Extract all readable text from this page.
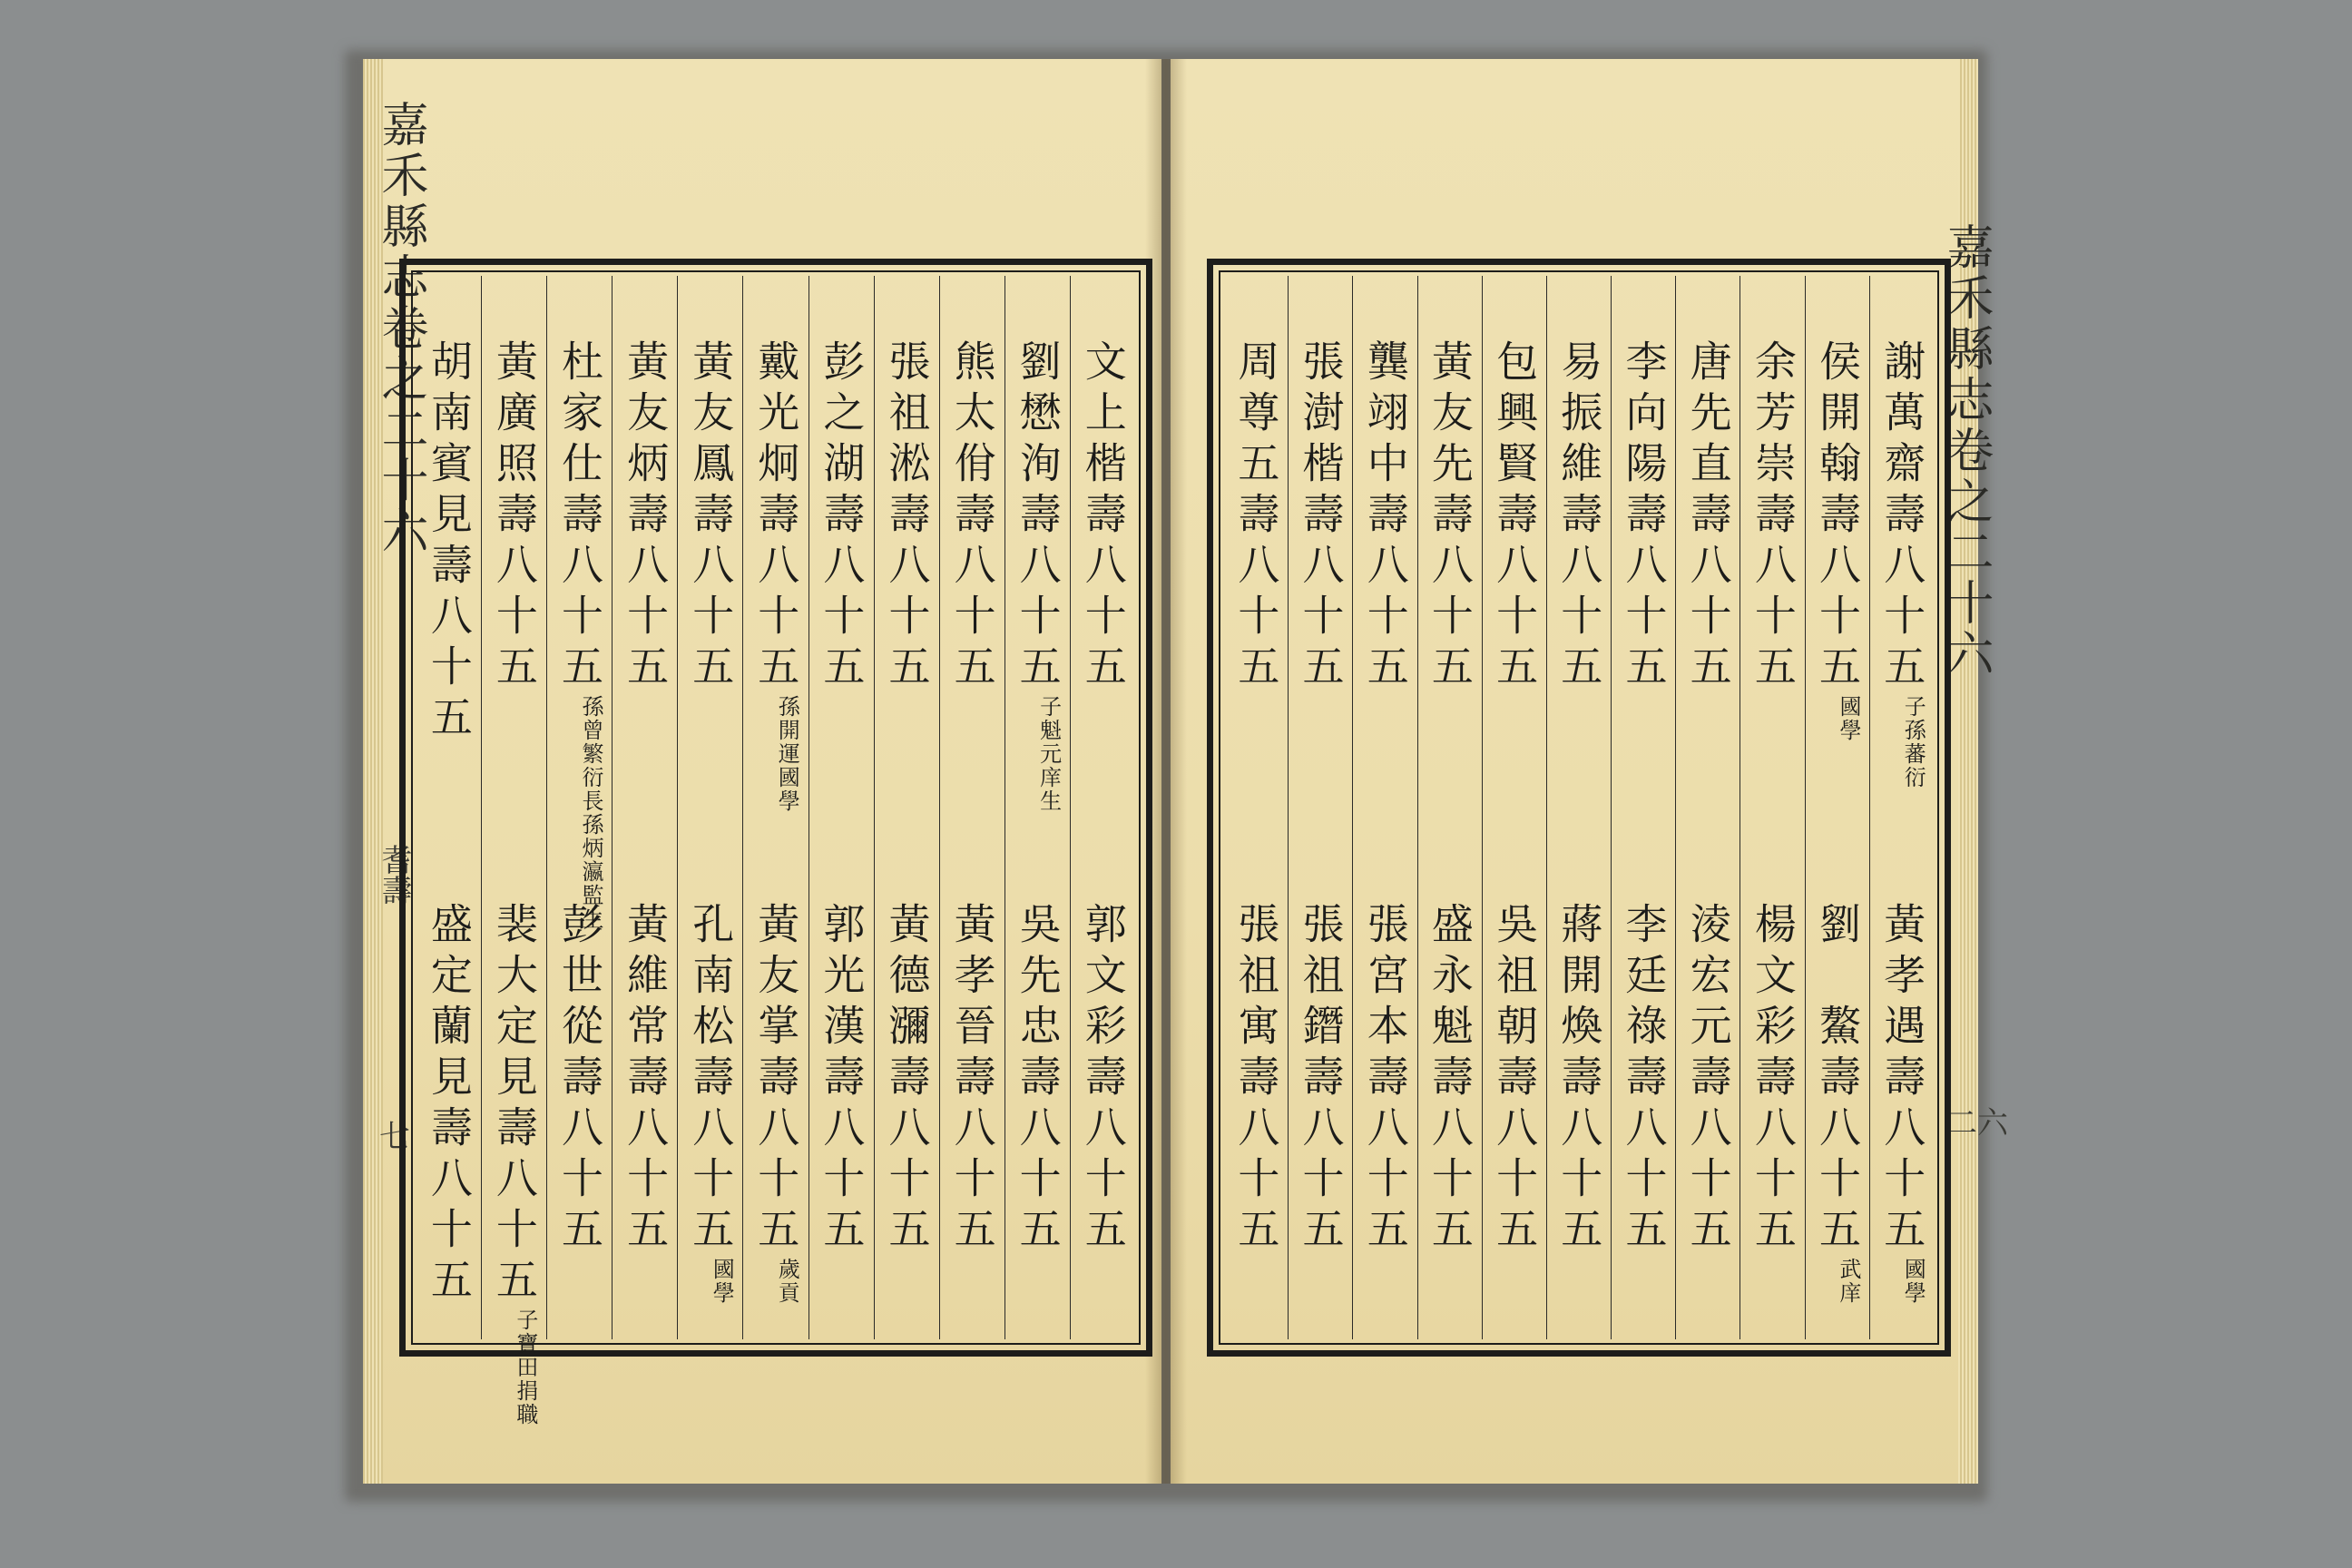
嘉禾縣志卷之二十六
耆壽
七
嘉禾縣志卷之二十六
二六
文上楷壽八十五
郭文彩壽八十五
劉懋洵壽八十五子魁元庠生
吳先忠壽八十五
熊太佾壽八十五
黃孝晉壽八十五
張祖淞壽八十五
黃德瀰壽八十五
彭之湖壽八十五
郭光漢壽八十五
戴光炯壽八十五孫開運國學
黃友掌壽八十五歲貢
黃友鳳壽八十五
孔南松壽八十五國學
黃友炳壽八十五
黃維常壽八十五
杜家仕壽八十五孫曾繁衍長孫炳瀛監生
彭世從壽八十五
黃廣照壽八十五
裴大定見壽八十五子寶田捐職
胡南賓見壽八十五
盛定蘭見壽八十五
謝萬齋壽八十五子孫蕃衍
黃孝遇壽八十五國學
侯開翰壽八十五國學
劉　鰲壽八十五武庠
余芳崇壽八十五
楊文彩壽八十五
唐先直壽八十五
淩宏元壽八十五
李向陽壽八十五
李廷祿壽八十五
易振維壽八十五
蔣開煥壽八十五
包興賢壽八十五
吳祖朝壽八十五
黃友先壽八十五
盛永魁壽八十五
龔翊中壽八十五
張宮本壽八十五
張澍楷壽八十五
張祖鐕壽八十五
周尊五壽八十五
張祖寓壽八十五
